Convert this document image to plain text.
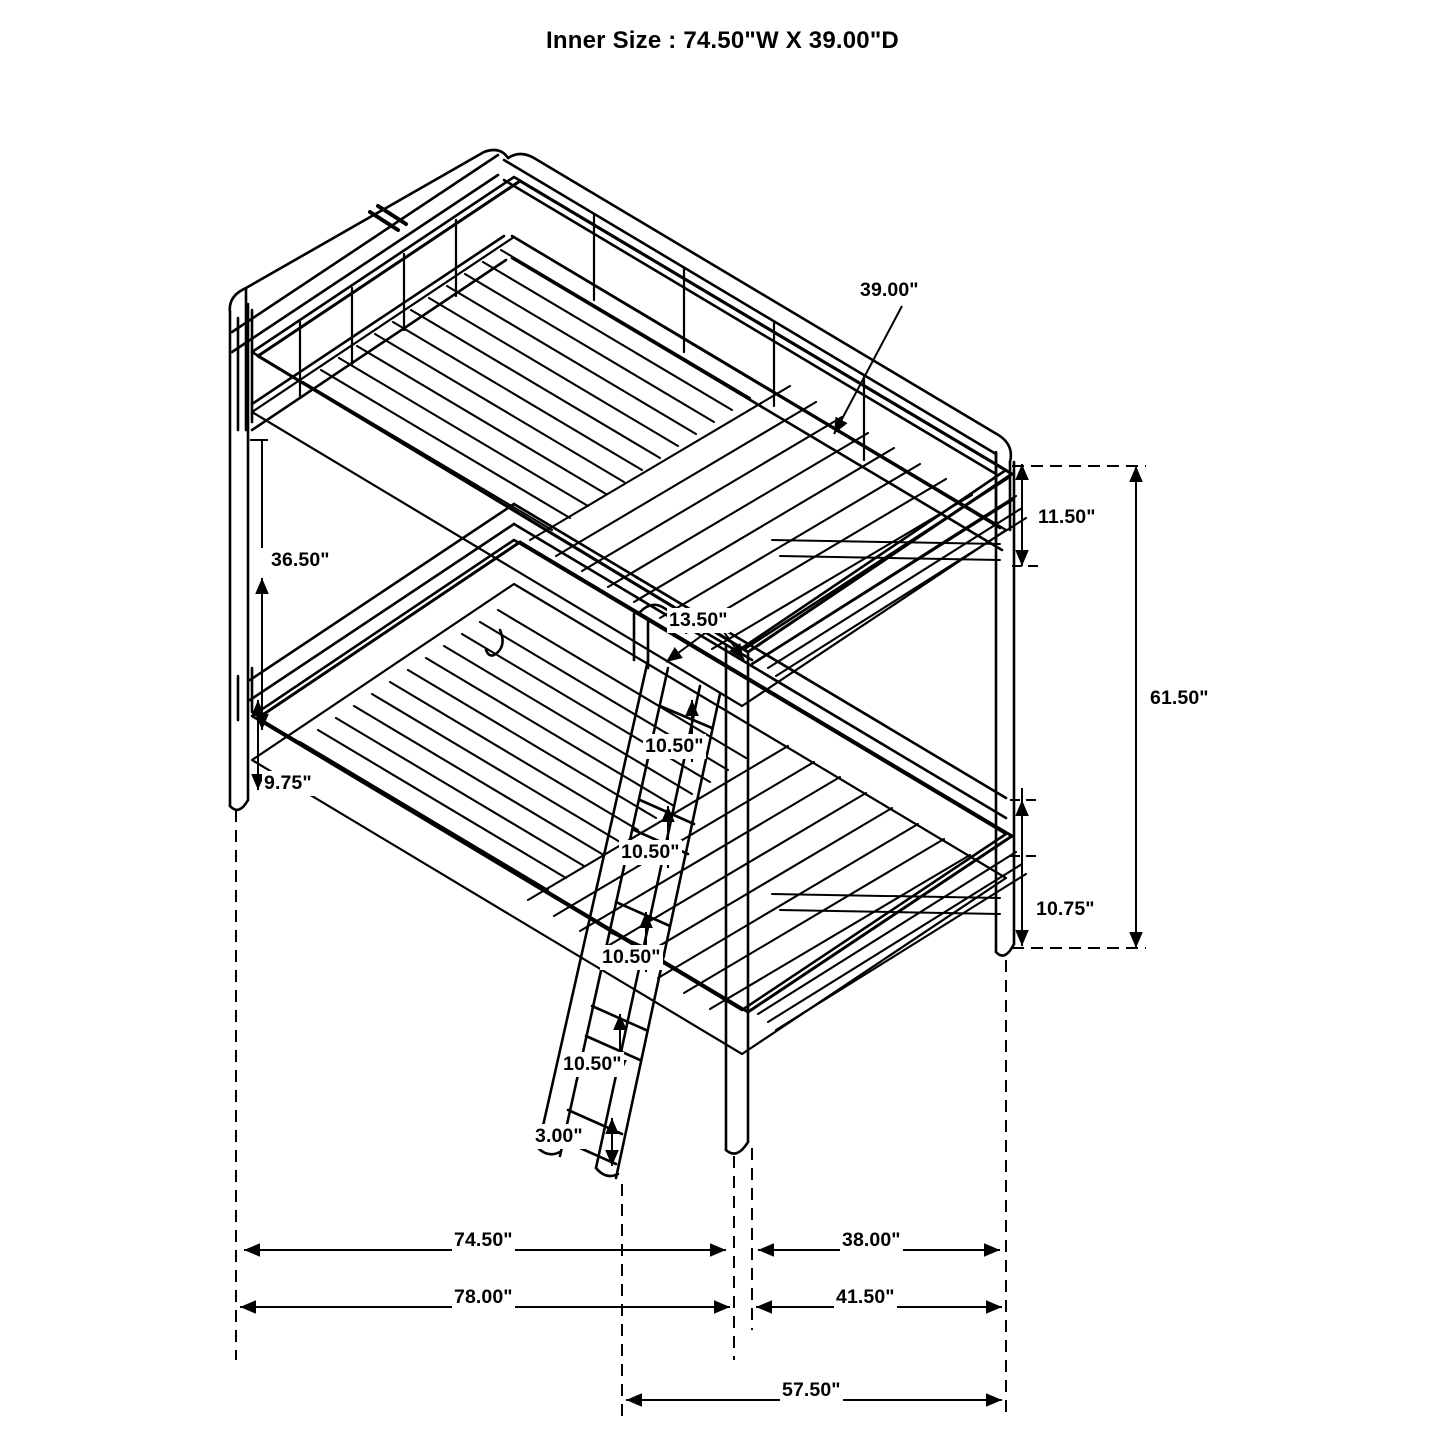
Inner Size : 74.50"W X 39.00"D
39.00"
11.50"
36.50"
13.50"
61.50"
10.50"
9.75"
10.50"
10.75"
10.50"
10.50"
3.00"
74.50"	38.00"
78.00"	41.50"
57.50"
